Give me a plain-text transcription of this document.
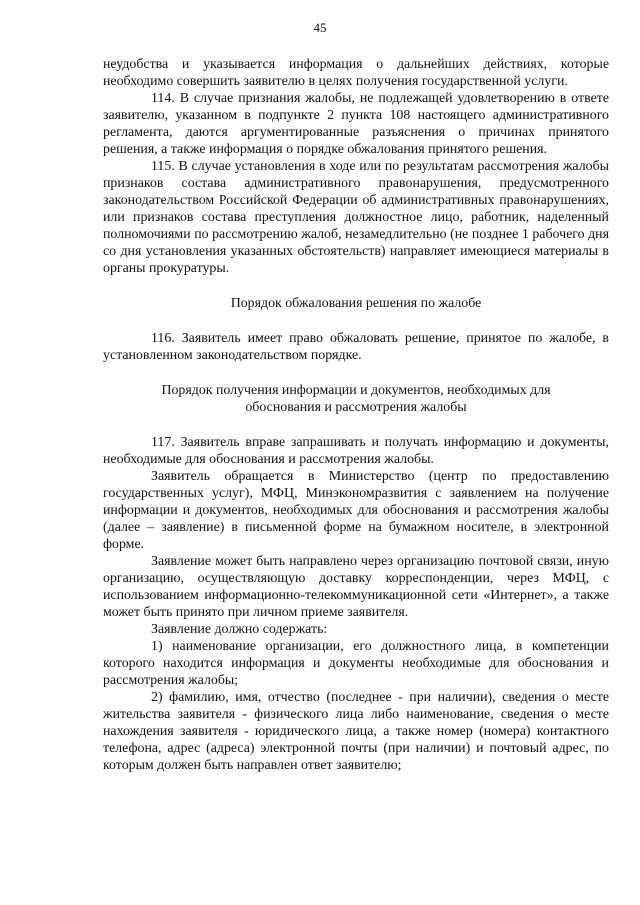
45

неудобства и указывается информация о дальнейших действиях, которые необходимо совершить заявителю в целях получения государственной услуги.

114. В случае признания жалобы, не подлежащей удовлетворению в ответе заявителю, указанном в подпункте 2 пункта 108 настоящего административного регламента, даются аргументированные разъяснения о причинах принятого решения, а также информация о порядке обжалования принятого решения.

115. В случае установления в ходе или по результатам рассмотрения жалобы признаков состава административного правонарушения, предусмотренного законодательством Российской Федерации об административных правонарушениях, или признаков состава преступления должностное лицо, работник, наделенный полномочиями по рассмотрению жалоб, незамедлительно (не позднее 1 рабочего дня со дня установления указанных обстоятельств) направляет имеющиеся материалы в органы прокуратуры.

Порядок обжалования решения по жалобе

116. Заявитель имеет право обжаловать решение, принятое по жалобе, в установленном законодательством порядке.

Порядок получения информации и документов, необходимых для

обоснования и рассмотрения жалобы

117. Заявитель вправе запрашивать и получать информацию и документы, необходимые для обоснования и рассмотрения жалобы.

Заявитель обращается в Министерство (центр по предоставлению государственных услуг), МФЦ, Минэкономразвития с заявлением на получение информации и документов, необходимых для обоснования и рассмотрения жалобы (далее – заявление) в письменной форме на бумажном носителе, в электронной форме.

Заявление может быть направлено через организацию почтовой связи, иную организацию, осуществляющую доставку корреспонденции, через МФЦ, с использованием информационно-телекоммуникационной сети «Интернет», а также может быть принято при личном приеме заявителя.

Заявление должно содержать:

1) наименование организации, его должностного лица, в компетенции которого находится информация и документы необходимые для обоснования и рассмотрения жалобы;

2) фамилию, имя, отчество (последнее - при наличии), сведения о месте жительства заявителя - физического лица либо наименование, сведения о месте нахождения заявителя - юридического лица, а также номер (номера) контактного телефона, адрес (адреса) электронной почты (при наличии) и почтовый адрес, по которым должен быть направлен ответ заявителю;
